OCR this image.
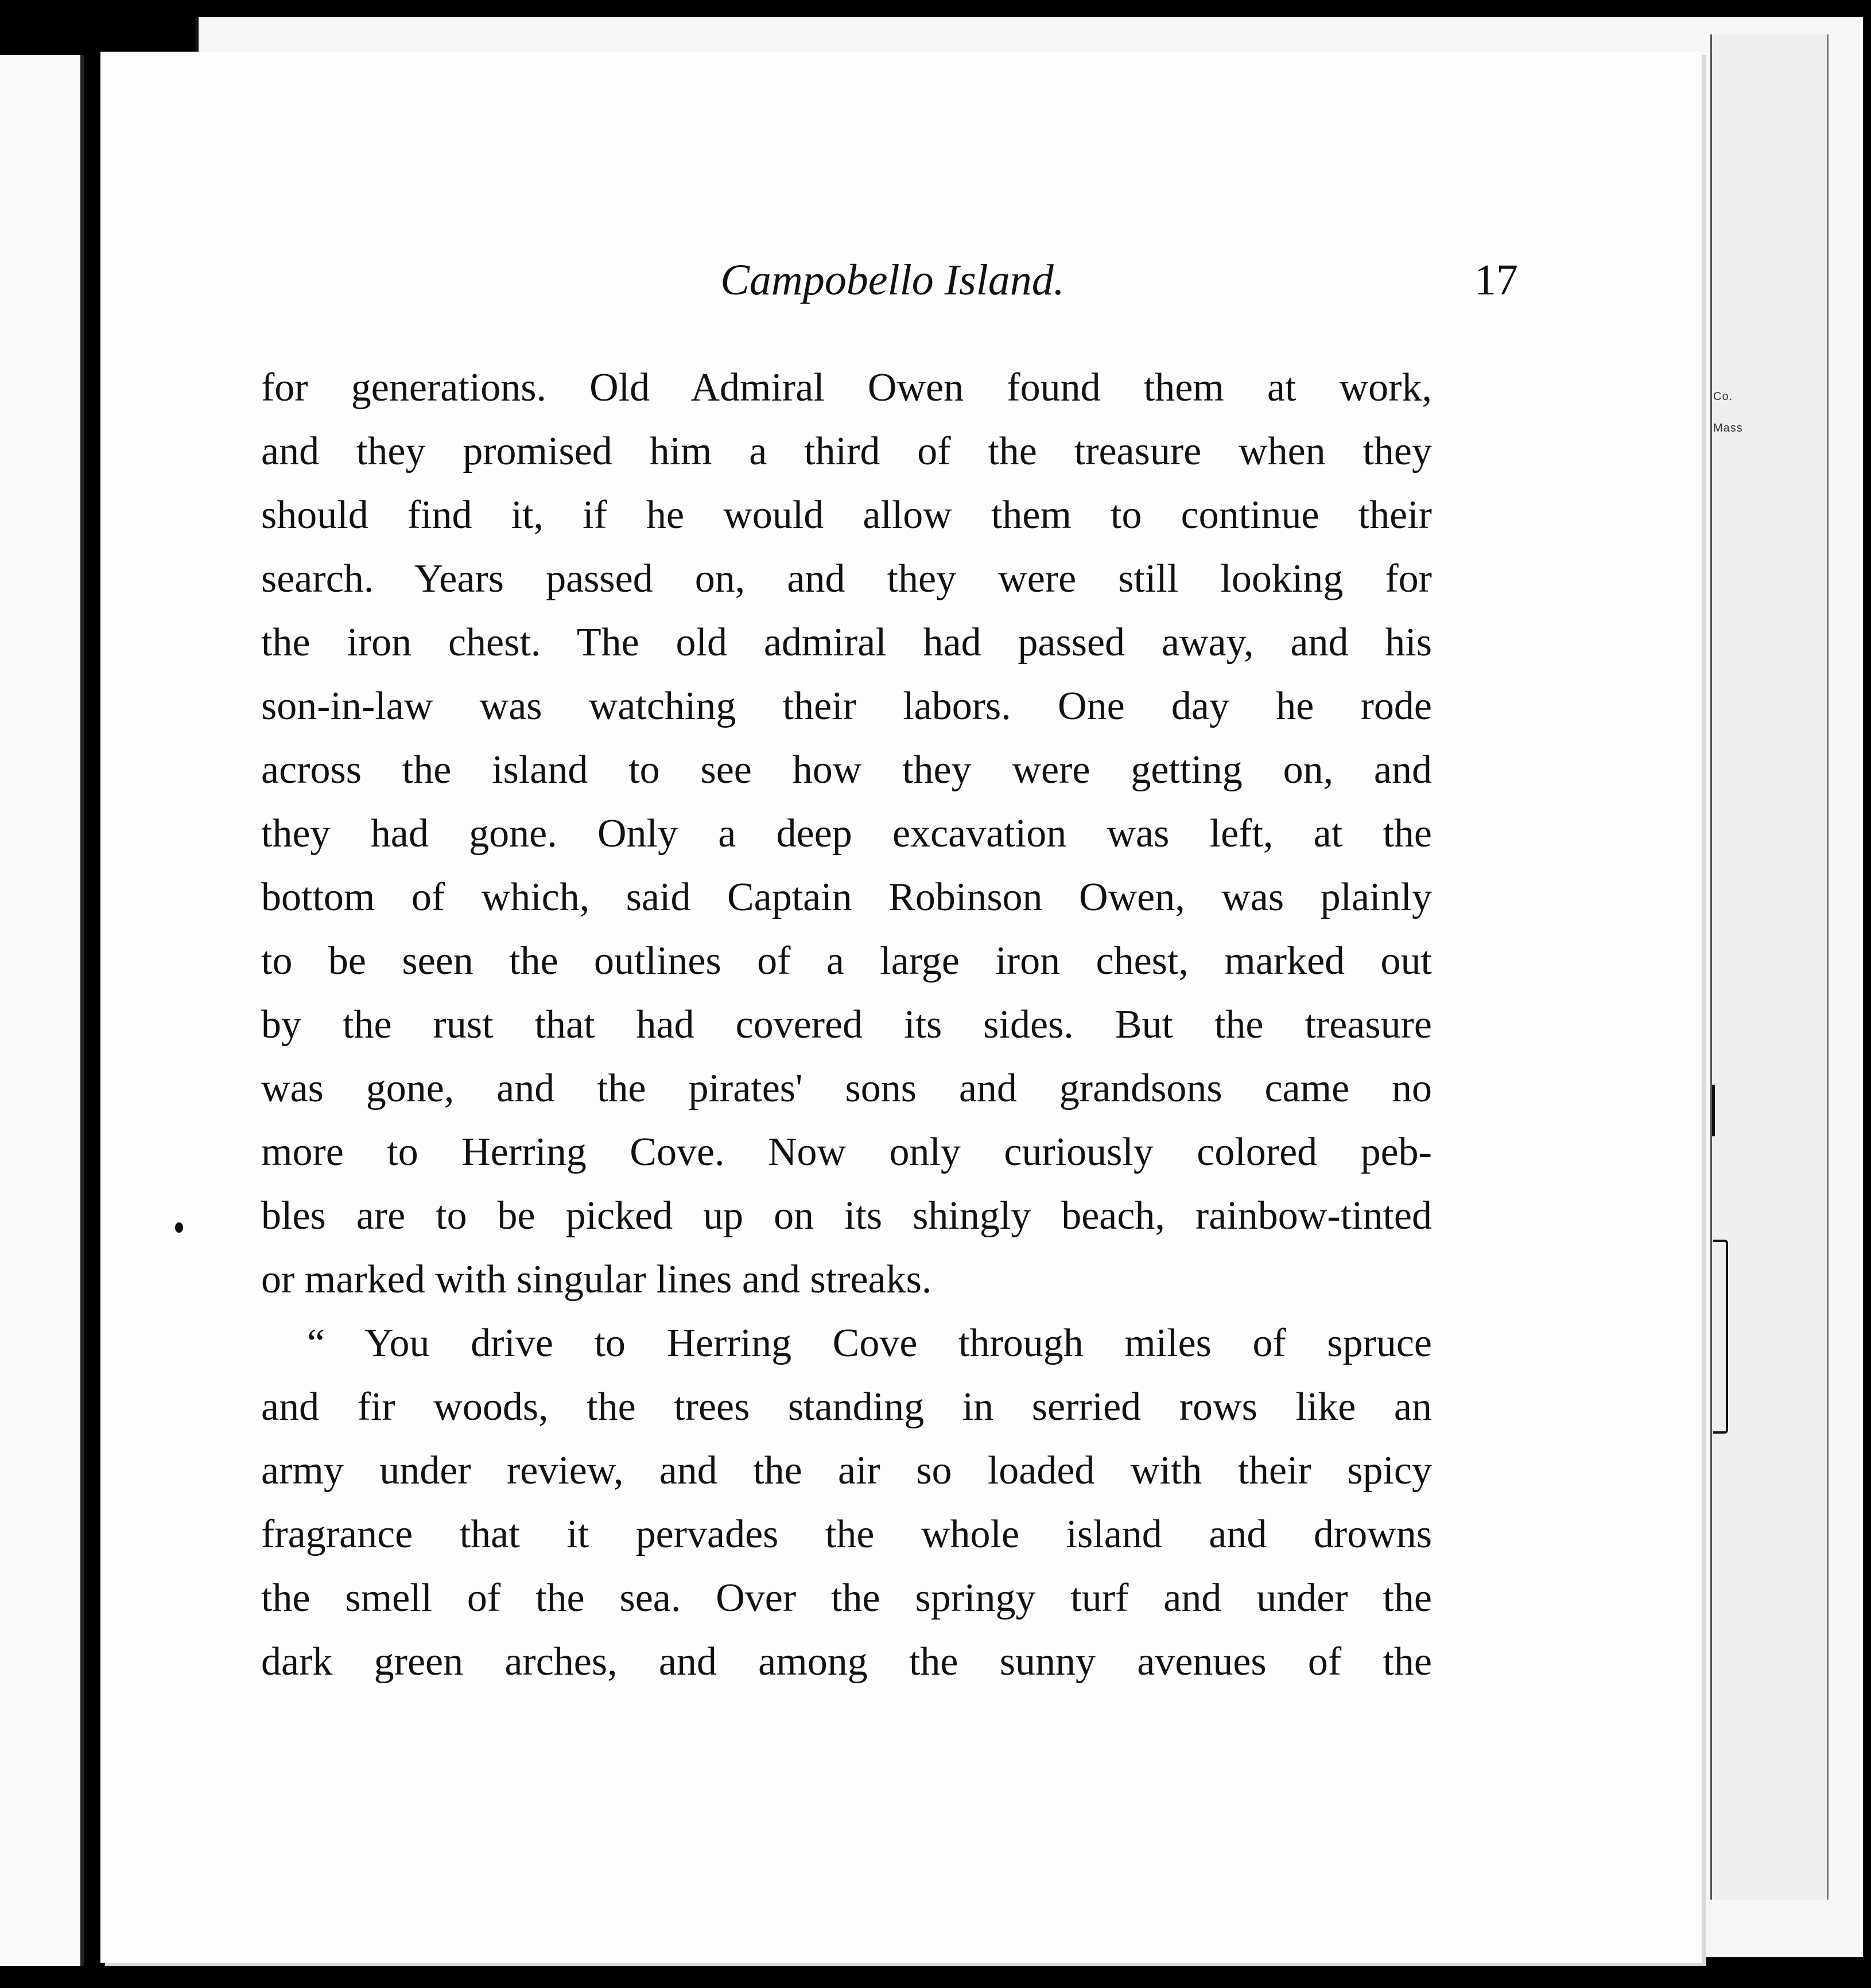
Co.
Mass
Campobello Island.	17
for generations. Old Admiral Owen found them at work,
and they promised him a third of the treasure when they
should find it, if he would allow them to continue their
search. Years passed on, and they were still looking for
the iron chest. The old admiral had passed away, and his
son-in-law was watching their labors. One day he rode
across the island to see how they were getting on, and
they had gone. Only a deep excavation was left, at the
bottom of which, said Captain Robinson Owen, was plainly
to be seen the outlines of a large iron chest, marked out
by the rust that had covered its sides. But the treasure
was gone, and the pirates' sons and grandsons came no
more to Herring Cove. Now only curiously colored peb-
bles are to be picked up on its shingly beach, rainbow-tinted
or marked with singular lines and streaks.
“ You drive to Herring Cove through miles of spruce
and fir woods, the trees standing in serried rows like an
army under review, and the air so loaded with their spicy
fragrance that it pervades the whole island and drowns
the smell of the sea. Over the springy turf and under the
dark green arches, and among the sunny avenues of the
